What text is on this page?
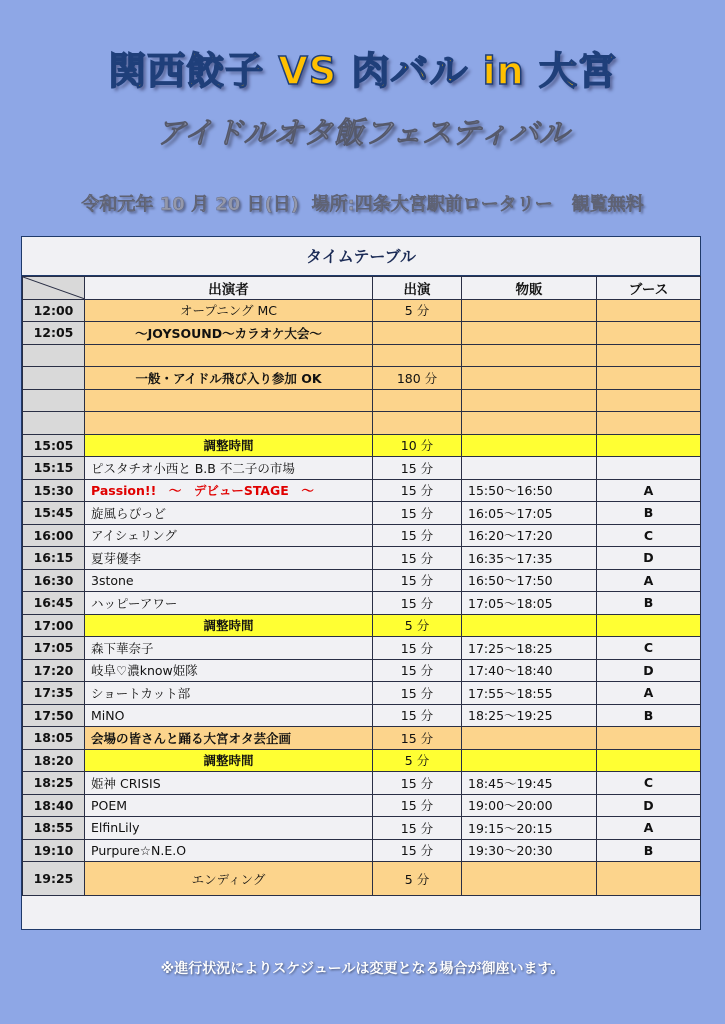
関西餃子 VS 肉バル in 大宮
アイドルオタ飯フェスティバル
令和元年 10 月 20 日(日)  場所:四条大宮駅前ロータリー   観覧無料
タイムテーブル
	出演者	出演	物販	ブース
12:00	オープニング MC	5 分		
12:05	～JOYSOUND～カラオケ大会～			

	一般・アイドル飛び入り参加 OK	180 分		

15:05	調整時間	10 分		
15:15	ピスタチオ小西と B.B 不二子の市場	15 分		
15:30	Passion!!　～　デビューSTAGE　～	15 分	15:50～16:50	A
15:45	旋風らぴっど	15 分	16:05～17:05	B
16:00	アイシェリング	15 分	16:20～17:20	C
16:15	夏芽優李	15 分	16:35～17:35	D
16:30	3stone	15 分	16:50～17:50	A
16:45	ハッピーアワー	15 分	17:05～18:05	B
17:00	調整時間	5 分		
17:05	森下華奈子	15 分	17:25～18:25	C
17:20	岐阜♡濃know姫隊	15 分	17:40～18:40	D
17:35	ショートカット部	15 分	17:55～18:55	A
17:50	MiNO	15 分	18:25～19:25	B
18:05	会場の皆さんと踊る大宮オタ芸企画	15 分		
18:20	調整時間	5 分		
18:25	姫神 CRISIS	15 分	18:45～19:45	C
18:40	POEM	15 分	19:00～20:00	D
18:55	ElfinLily	15 分	19:15～20:15	A
19:10	Purpure☆N.E.O	15 分	19:30～20:30	B
19:25	エンディング	5 分		
※進行状況によりスケジュールは変更となる場合が御座います。
